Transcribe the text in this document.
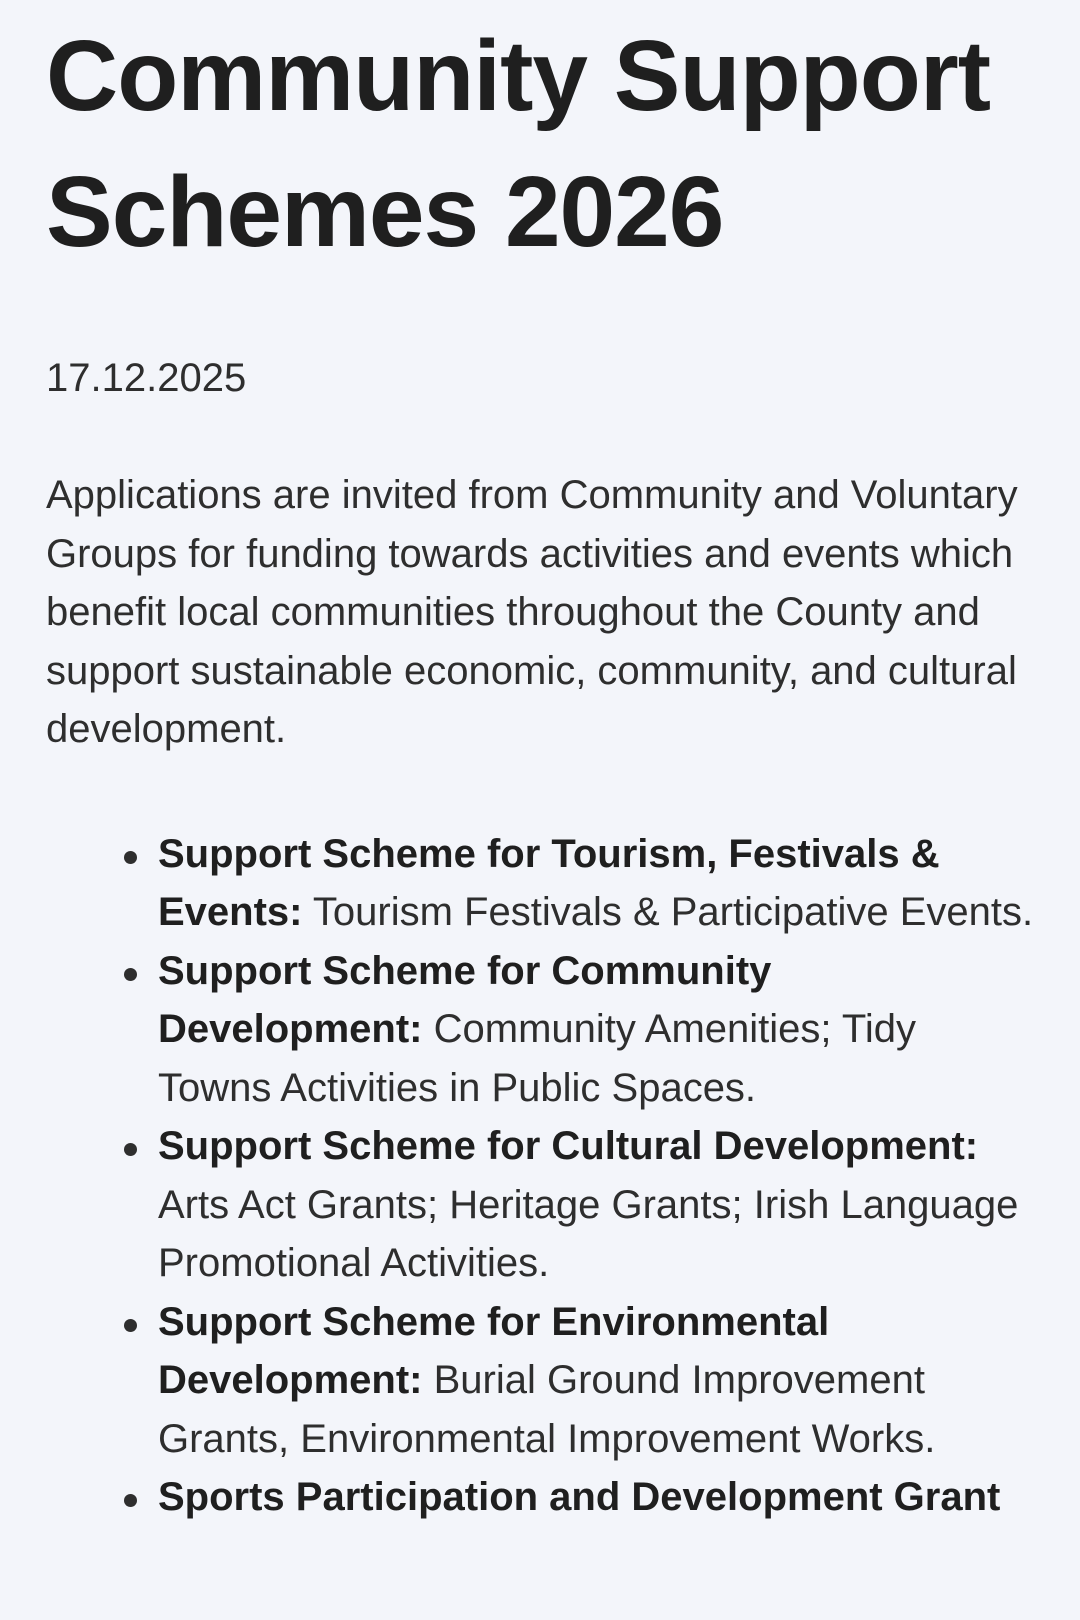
Community Support Schemes 2026

17.12.2025

Applications are invited from Community and Voluntary Groups for funding towards activities and events which benefit local communities throughout the County and support sustainable economic, community, and cultural development.

Support Scheme for Tourism, Festivals & Events: Tourism Festivals & Participative Events.
Support Scheme for Community Development: Community Amenities; Tidy Towns Activities in Public Spaces.
Support Scheme for Cultural Development: Arts Act Grants; Heritage Grants; Irish Language Promotional Activities.
Support Scheme for Environmental Development: Burial Ground Improvement Grants, Environmental Improvement Works.
Sports Participation and Development Grant
